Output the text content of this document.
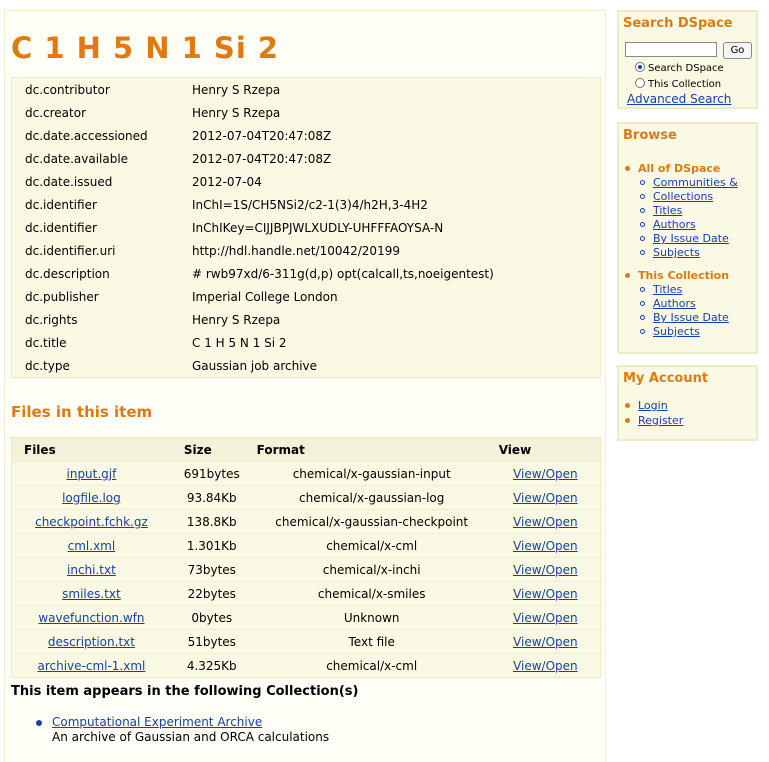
C 1 H 5 N 1 Si 2
dc.contributor	Henry S Rzepa
dc.creator	Henry S Rzepa
dc.date.accessioned	2012-07-04T20:47:08Z
dc.date.available	2012-07-04T20:47:08Z
dc.date.issued	2012-07-04
dc.identifier	InChI=1S/CH5NSi2/c2-1(3)4/h2H,3-4H2
dc.identifier	InChIKey=CIJJBPJWLXUDLY-UHFFFAOYSA-N
dc.identifier.uri	http://hdl.handle.net/10042/20199
dc.description	# rwb97xd/6-311g(d,p) opt(calcall,ts,noeigentest)
dc.publisher	Imperial College London
dc.rights	Henry S Rzepa
dc.title	C 1 H 5 N 1 Si 2
dc.type	Gaussian job archive
Files in this item
Files	Size	Format	View
input.gjf	691bytes	chemical/x-gaussian-input	View/Open
logfile.log	93.84Kb	chemical/x-gaussian-log	View/Open
checkpoint.fchk.gz	138.8Kb	chemical/x-gaussian-checkpoint	View/Open
cml.xml	1.301Kb	chemical/x-cml	View/Open
inchi.txt	73bytes	chemical/x-inchi	View/Open
smiles.txt	22bytes	chemical/x-smiles	View/Open
wavefunction.wfn	0bytes	Unknown	View/Open
description.txt	51bytes	Text file	View/Open
archive-cml-1.xml	4.325Kb	chemical/x-cml	View/Open
This item appears in the following Collection(s)
Computational Experiment Archive
An archive of Gaussian and ORCA calculations
Search DSpace
Go
Search DSpace
This Collection
Advanced Search
Browse
All of DSpace
Communities &
Collections
Titles
Authors
By Issue Date
Subjects
This Collection
Titles
Authors
By Issue Date
Subjects
My Account
Login
Register
